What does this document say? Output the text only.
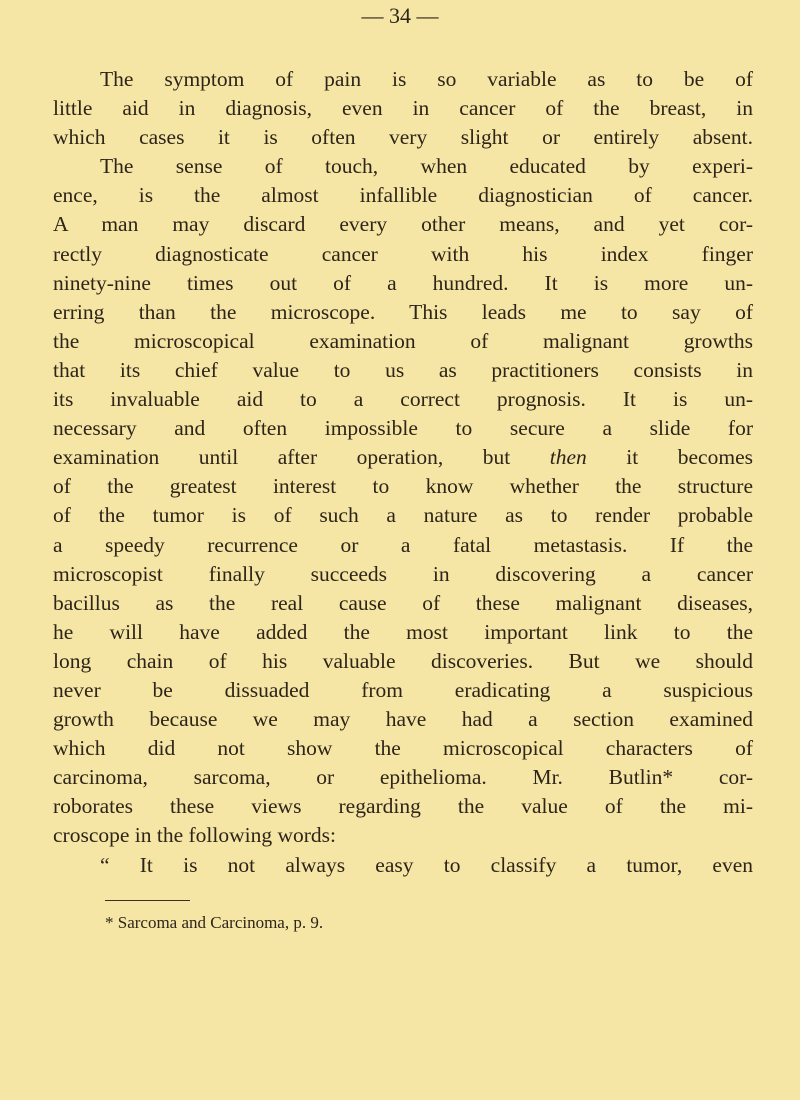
— 34 —
The symptom of pain is so variable as to be of
little aid in diagnosis, even in cancer of the breast, in
which cases it is often very slight or entirely absent.
The sense of touch, when educated by experi-
ence, is the almost infallible diagnostician of cancer.
A man may discard every other means, and yet cor-
rectly diagnosticate cancer with his index finger
ninety-nine times out of a hundred. It is more un-
erring than the microscope. This leads me to say of
the microscopical examination of malignant growths
that its chief value to us as practitioners consists in
its invaluable aid to a correct prognosis. It is un-
necessary and often impossible to secure a slide for
examination until after operation, but then it becomes
of the greatest interest to know whether the structure
of the tumor is of such a nature as to render probable
a speedy recurrence or a fatal metastasis. If the
microscopist finally succeeds in discovering a cancer
bacillus as the real cause of these malignant diseases,
he will have added the most important link to the
long chain of his valuable discoveries. But we should
never be dissuaded from eradicating a suspicious
growth because we may have had a section examined
which did not show the microscopical characters of
carcinoma, sarcoma, or epithelioma. Mr. Butlin* cor-
roborates these views regarding the value of the mi-
croscope in the following words:
“ It is not always easy to classify a tumor, even
* Sarcoma and Carcinoma, p. 9.
